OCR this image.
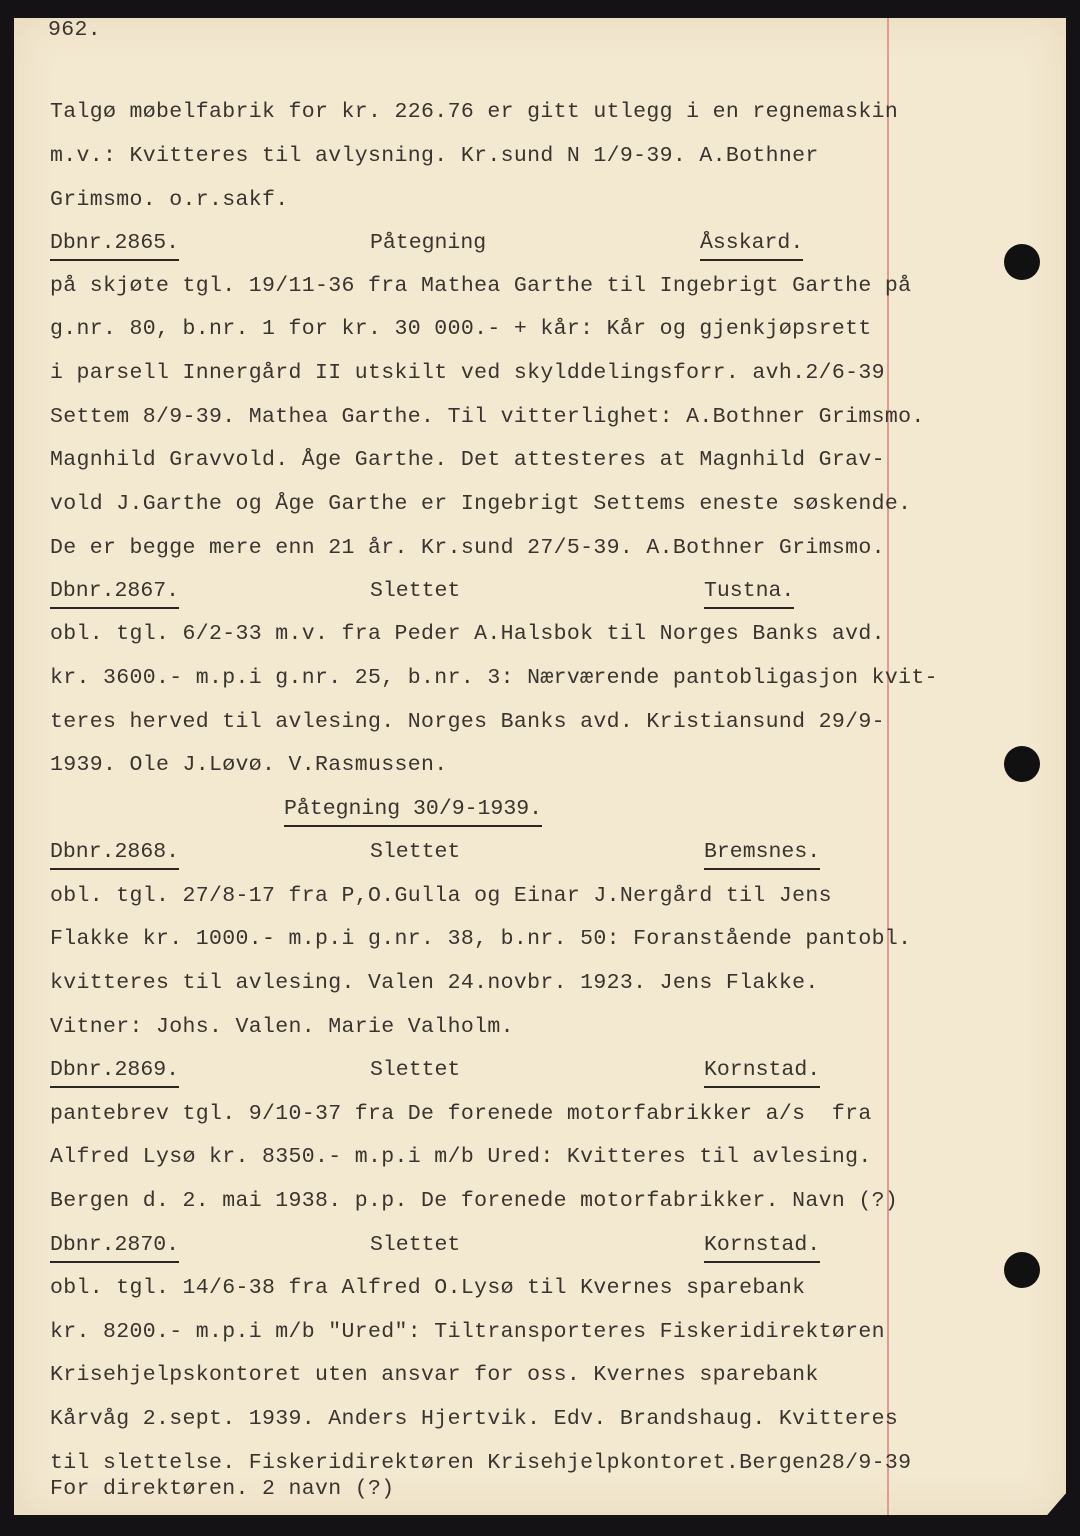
962.
Talgø møbelfabrik for kr. 226.76 er gitt utlegg i en regnemaskin
m.v.: Kvitteres til avlysning. Kr.sund N 1/9-39. A.Bothner
Grimsmo. o.r.sakf.
Dbnr.2865.	Påtegning	Åsskard.
på skjøte tgl. 19/11-36 fra Mathea Garthe til Ingebrigt Garthe på
g.nr. 80, b.nr. 1 for kr. 30 000.- + kår: Kår og gjenkjøpsrett
i parsell Innergård II utskilt ved skylddelingsforr. avh.2/6-39
Settem 8/9-39. Mathea Garthe. Til vitterlighet: A.Bothner Grimsmo.
Magnhild Gravvold. Åge Garthe. Det attesteres at Magnhild Grav-
vold J.Garthe og Åge Garthe er Ingebrigt Settems eneste søskende.
De er begge mere enn 21 år. Kr.sund 27/5-39. A.Bothner Grimsmo.
Dbnr.2867.	Slettet	Tustna.
obl. tgl. 6/2-33 m.v. fra Peder A.Halsbok til Norges Banks avd.
kr. 3600.- m.p.i g.nr. 25, b.nr. 3: Nærværende pantobligasjon kvit-
teres herved til avlesing. Norges Banks avd. Kristiansund 29/9-
1939. Ole J.Løvø. V.Rasmussen.
Påtegning 30/9-1939.
Dbnr.2868.	Slettet	Bremsnes.
obl. tgl. 27/8-17 fra P,O.Gulla og Einar J.Nergård til Jens
Flakke kr. 1000.- m.p.i g.nr. 38, b.nr. 50: Foranstående pantobl.
kvitteres til avlesing. Valen 24.novbr. 1923. Jens Flakke.
Vitner: Johs. Valen. Marie Valholm.
Dbnr.2869.	Slettet	Kornstad.
pantebrev tgl. 9/10-37 fra De forenede motorfabrikker a/s  fra
Alfred Lysø kr. 8350.- m.p.i m/b Ured: Kvitteres til avlesing.
Bergen d. 2. mai 1938. p.p. De forenede motorfabrikker. Navn (?)
Dbnr.2870.	Slettet	Kornstad.
obl. tgl. 14/6-38 fra Alfred O.Lysø til Kvernes sparebank
kr. 8200.- m.p.i m/b "Ured": Tiltransporteres Fiskeridirektøren
Krisehjelpskontoret uten ansvar for oss. Kvernes sparebank
Kårvåg 2.sept. 1939. Anders Hjertvik. Edv. Brandshaug. Kvitteres
til slettelse. Fiskeridirektøren Krisehjelpkontoret.Bergen28/9-39
For direktøren. 2 navn (?)
